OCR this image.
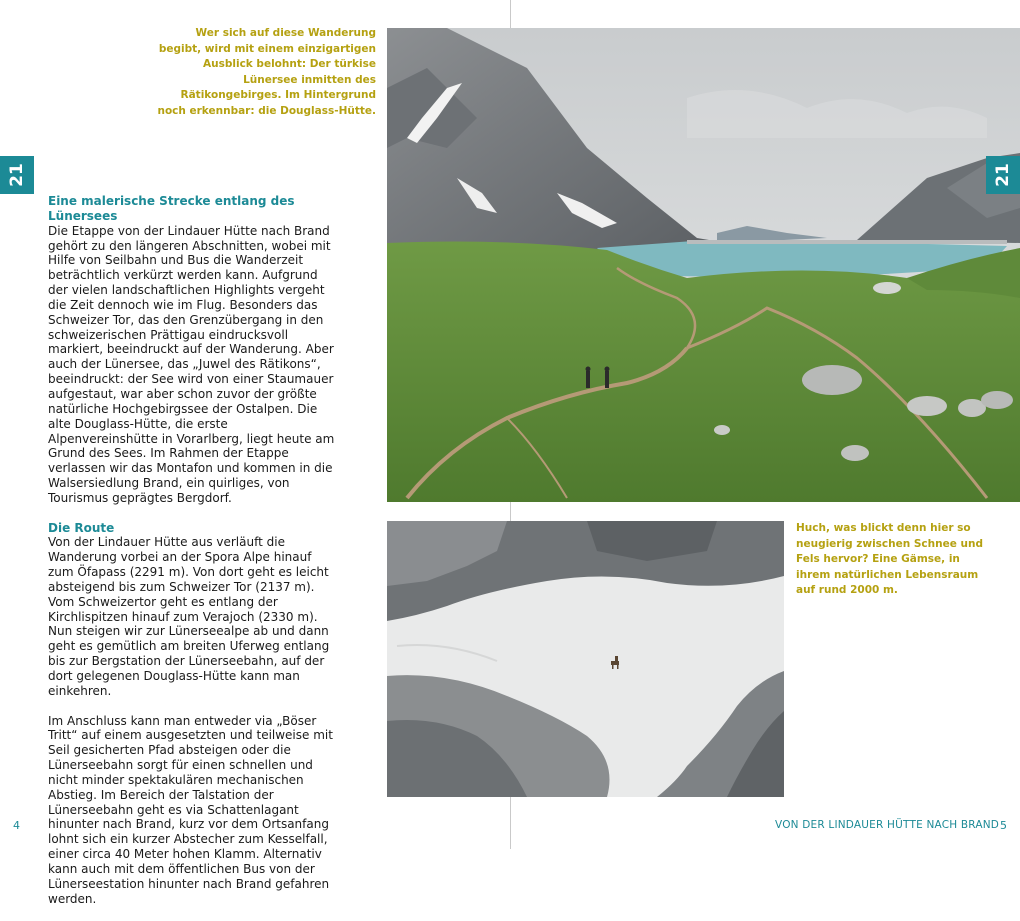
Wer sich auf diese Wanderung begibt, wird mit einem einzigartigen Ausblick belohnt: Der türkise Lünersee inmitten des Rätikongebirges. Im Hintergrund noch erkennbar: die Douglass-Hütte.
21
Eine malerische Strecke entlang des Lünersees

Die Etappe von der Lindauer Hütte nach Brand gehört zu den längeren Abschnitten, wobei mit Hilfe von Seilbahn und Bus die Wanderzeit beträchtlich verkürzt werden kann. Aufgrund der vielen landschaftlichen Highlights vergeht die Zeit dennoch wie im Flug. Besonders das Schweizer Tor, das den Grenzübergang in den schweizerischen Prättigau eindrucksvoll markiert, beeindruckt auf der Wanderung. Aber auch der Lünersee, das „Juwel des Rätikons“, beeindruckt: der See wird von einer Staumauer aufgestaut, war aber schon zuvor der größte natürliche Hochgebirgssee der Ostalpen. Die alte Douglass-Hütte, die erste Alpenvereinshütte in Vorarlberg, liegt heute am Grund des Sees. Im Rahmen der Etappe verlassen wir das Montafon und kommen in die Walsersiedlung Brand, ein quirliges, von Tourismus geprägtes Bergdorf.

Die Route

Von der Lindauer Hütte aus verläuft die Wanderung vorbei an der Spora Alpe hinauf zum Öfapass (2291 m). Von dort geht es leicht absteigend bis zum Schweizer Tor (2137 m). Vom Schweizertor geht es entlang der Kirchlispitzen hinauf zum Verajoch (2330 m). Nun steigen wir zur Lünerseealpe ab und dann geht es gemütlich am breiten Uferweg entlang bis zur Bergstation der Lünerseebahn, auf der dort gelegenen Douglass-Hütte kann man einkehren.

Im Anschluss kann man entweder via „Böser Tritt“ auf einem ausgesetzten und teilweise mit Seil gesicherten Pfad absteigen oder die Lünerseebahn sorgt für einen schnellen und nicht minder spektakulären mechanischen Abstieg. Im Bereich der Talstation der Lünerseebahn geht es via Schattenlagant hinunter nach Brand, kurz vor dem Ortsanfang lohnt sich ein kurzer Abstecher zum Kesselfall, einer circa 40 Meter hohen Klamm. Alternativ kann auch mit dem öffentlichen Bus von der Lünerseestation hinunter nach Brand gefahren werden.

4
21
Huch, was blickt denn hier so neugierig zwischen Schnee und Fels hervor? Eine Gämse, in ihrem natürlichen Lebensraum auf rund 2000 m.
VON DER LINDAUER HÜTTE NACH BRAND 5
